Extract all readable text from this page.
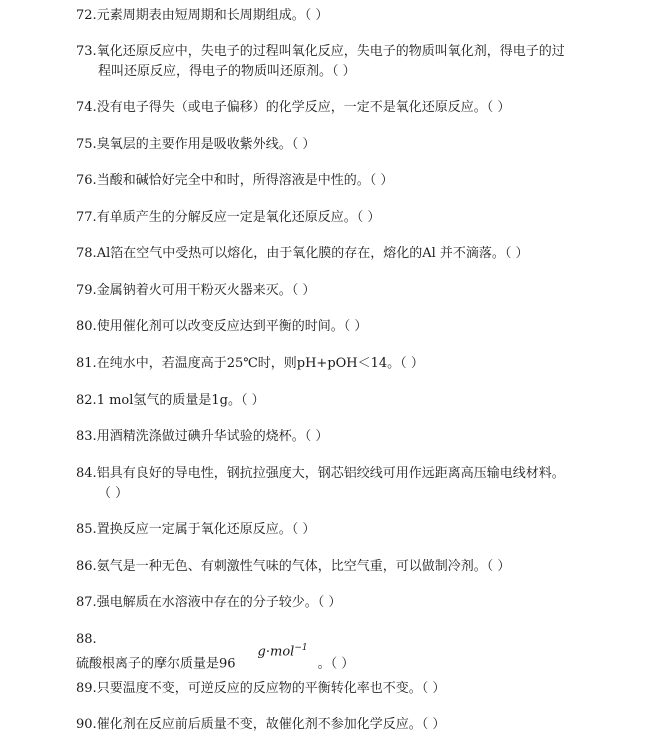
72.元素周期表由短周期和长周期组成。（ ）
73.氧化还原反应中，失电子的过程叫氧化反应，失电子的物质叫氧化剂，得电子的过
程叫还原反应，得电子的物质叫还原剂。（ ）
74.没有电子得失（或电子偏移）的化学反应，一定不是氧化还原反应。（ ）
75.臭氧层的主要作用是吸收紫外线。（ ）
76.当酸和碱恰好完全中和时，所得溶液是中性的。（ ）
77.有单质产生的分解反应一定是氧化还原反应。（ ）
78.Al箔在空气中受热可以熔化，由于氧化膜的存在，熔化的Al 并不滴落。（ ）
79.金属钠着火可用干粉灭火器来灭。（ ）
80.使用催化剂可以改变反应达到平衡的时间。（ ）
81.在纯水中，若温度高于25℃时，则pH+pOH＜14。（ ）
82.1 mol氢气的质量是1g。（ ）
83.用酒精洗涤做过碘升华试验的烧杯。（ ）
84.铝具有良好的导电性，钢抗拉强度大，钢芯铝绞线可用作远距离高压输电线材料。
（ ）
85.置换反应一定属于氧化还原反应。（ ）
86.氨气是一种无色、有刺激性气味的气体，比空气重，可以做制冷剂。（ ）
87.强电解质在水溶液中存在的分子较少。（ ）
88.
硫酸根离子的摩尔质量是96g·mol$^{-1}$。（ ）
89.只要温度不变，可逆反应的反应物的平衡转化率也不变。（ ）
90.催化剂在反应前后质量不变，故催化剂不参加化学反应。（ ）
